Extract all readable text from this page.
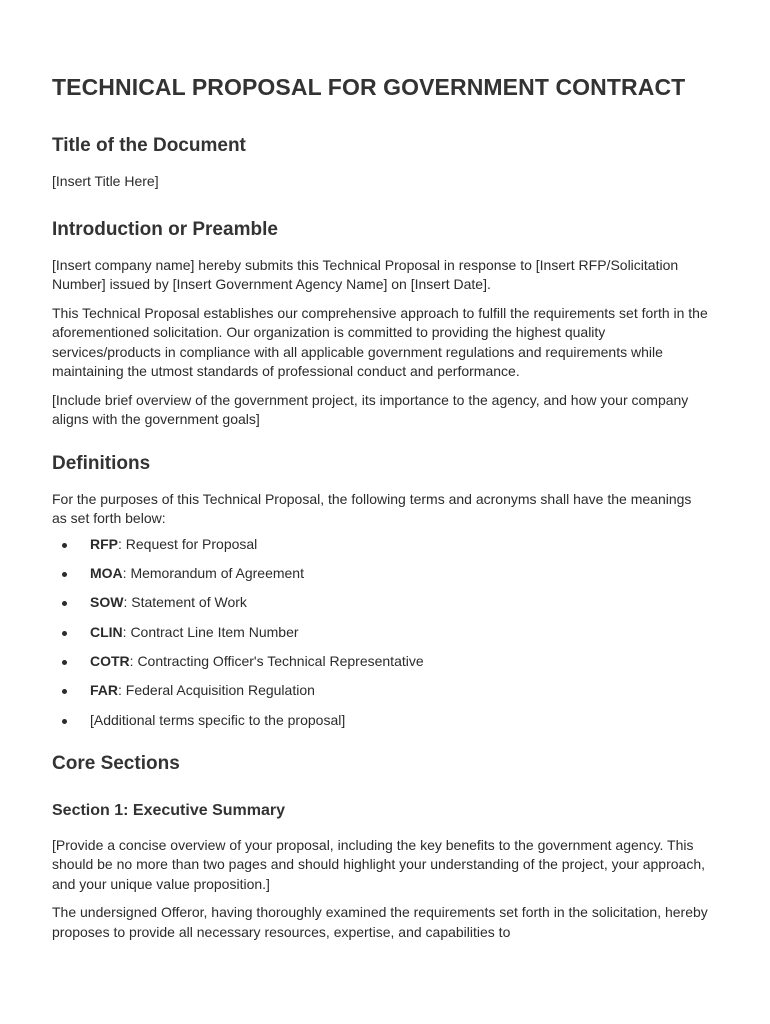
TECHNICAL PROPOSAL FOR GOVERNMENT CONTRACT
Title of the Document

[Insert Title Here]

Introduction or Preamble

[Insert company name] hereby submits this Technical Proposal in response to [Insert RFP/Solicitation Number] issued by [Insert Government Agency Name] on [Insert Date].

This Technical Proposal establishes our comprehensive approach to fulfill the requirements set forth in the aforementioned solicitation. Our organization is committed to providing the highest quality services/products in compliance with all applicable government regulations and requirements while maintaining the utmost standards of professional conduct and performance.

[Include brief overview of the government project, its importance to the agency, and how your company aligns with the government goals]

Definitions

For the purposes of this Technical Proposal, the following terms and acronyms shall have the meanings as set forth below:

RFP: Request for Proposal
MOA: Memorandum of Agreement
SOW: Statement of Work
CLIN: Contract Line Item Number
COTR: Contracting Officer's Technical Representative
FAR: Federal Acquisition Regulation
[Additional terms specific to the proposal]
Core Sections
Section 1: Executive Summary

[Provide a concise overview of your proposal, including the key benefits to the government agency. This should be no more than two pages and should highlight your understanding of the project, your approach, and your unique value proposition.]

The undersigned Offeror, having thoroughly examined the requirements set forth in the solicitation, hereby proposes to provide all necessary resources, expertise, and capabilities to
